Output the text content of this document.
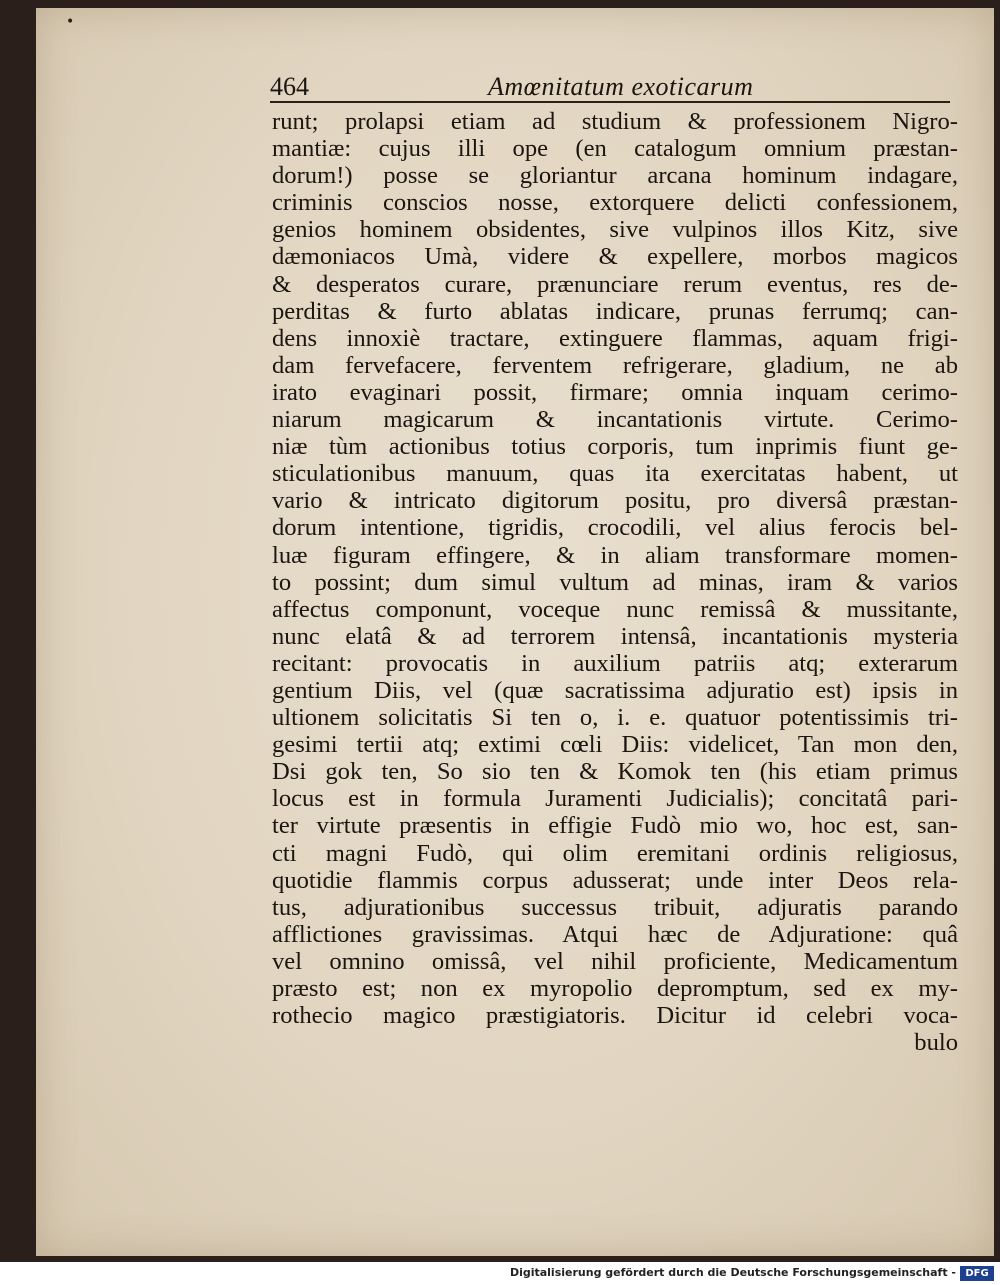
•
464	Amœnitatum exoticarum
runt; prolapsi etiam ad studium & professionem Nigro-
mantiæ: cujus illi ope (en catalogum omnium præstan-
dorum!) posse se gloriantur arcana hominum indagare,
criminis conscios nosse, extorquere delicti confessionem,
genios hominem obsidentes, sive vulpinos illos Kitz, sive
dæmoniacos Umà, videre & expellere, morbos magicos
& desperatos curare, prænunciare rerum eventus, res de-
perditas & furto ablatas indicare, prunas ferrumq; can-
dens innoxiè tractare, extinguere flammas, aquam frigi-
dam fervefacere, ferventem refrigerare, gladium, ne ab
irato evaginari possit, firmare; omnia inquam cerimo-
niarum magicarum & incantationis virtute. Cerimo-
niæ tùm actionibus totius corporis, tum inprimis fiunt ge-
sticulationibus manuum, quas ita exercitatas habent, ut
vario & intricato digitorum positu, pro diversâ præstan-
dorum intentione, tigridis, crocodili, vel alius ferocis bel-
luæ figuram effingere, & in aliam transformare momen-
to possint; dum simul vultum ad minas, iram & varios
affectus componunt, voceque nunc remissâ & mussitante,
nunc elatâ & ad terrorem intensâ, incantationis mysteria
recitant: provocatis in auxilium patriis atq; exterarum
gentium Diis, vel (quæ sacratissima adjuratio est) ipsis in
ultionem solicitatis Si ten o, i. e. quatuor potentissimis tri-
gesimi tertii atq; extimi cœli Diis: videlicet, Tan mon den,
Dsi gok ten, So sio ten & Komok ten (his etiam primus
locus est in formula Juramenti Judicialis); concitatâ pari-
ter virtute præsentis in effigie Fudò mio wo, hoc est, san-
cti magni Fudò, qui olim eremitani ordinis religiosus,
quotidie flammis corpus adusserat; unde inter Deos rela-
tus, adjurationibus successus tribuit, adjuratis parando
afflictiones gravissimas. Atqui hæc de Adjuratione: quâ
vel omnino omissâ, vel nihil proficiente, Medicamentum
præsto est; non ex myropolio depromptum, sed ex my-
rothecio magico præstigiatoris. Dicitur id celebri voca-
bulo
Digitalisierung gefördert durch die Deutsche Forschungsgemeinschaft - DFG
